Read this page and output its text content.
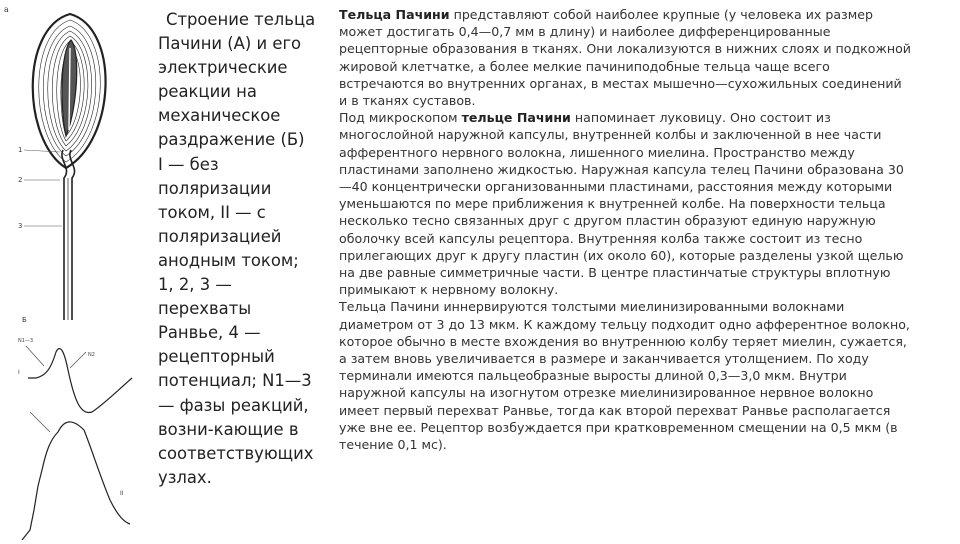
а
1
2
3
Б
N1—3
N2
I
II
Строение тельца
Пачини (А) и его
электрические
реакции на
механическое
раздражение (Б)
I — без
поляризации
током, II — с
поляризацией
анодным током;
1, 2, 3 —
перехваты
Ранвье, 4 —
рецепторный
потенциал; N1—3
— фазы реакций,
возни-кающие в
соответствующих
узлах.
Тельца Пачини представляют собой наиболее крупные (у человека их размер
может достигать 0,4—0,7 мм в длину) и наиболее дифференцированные
рецепторные образования в тканях. Они локализуются в нижних слоях и подкожной
жировой клетчатке, а более мелкие пачиниподобные тельца чаще всего
встречаются во внутренних органах, в местах мышечно—сухожильных соединений
и в тканях суставов.
Под микроскопом тельце Пачини напоминает луковицу. Оно состоит из
многослойной наружной капсулы, внутренней колбы и заключенной в нее части
афферентного нервного волокна, лишенного миелина. Пространство между
пластинами заполнено жидкостью. Наружная капсула телец Пачини образована 30
—40 концентрически организованными пластинами, расстояния между которыми
уменьшаются по мере приближения к внутренней колбе. На поверхности тельца
несколько тесно связанных друг с другом пластин образуют единую наружную
оболочку всей капсулы рецептора. Внутренняя колба также состоит из тесно
прилегающих друг к другу пластин (их около 60), которые разделены узкой щелью
на две равные симметричные части. В центре пластинчатые структуры вплотную
примыкают к нервному волокну.
Тельца Пачини иннервируются толстыми миелинизированными волокнами
диаметром от 3 до 13 мкм. К каждому тельцу подходит одно афферентное волокно,
которое обычно в месте вхождения во внутреннюю колбу теряет миелин, сужается,
а затем вновь увеличивается в размере и заканчивается утолщением. По ходу
терминали имеются пальцеобразные выросты длиной 0,3—3,0 мкм. Внутри
наружной капсулы на изогнутом отрезке миелинизированное нервное волокно
имеет первый перехват Ранвье, тогда как второй перехват Ранвье располагается
уже вне ее. Рецептор возбуждается при кратковременном смещении на 0,5 мкм (в
течение 0,1 мс).
